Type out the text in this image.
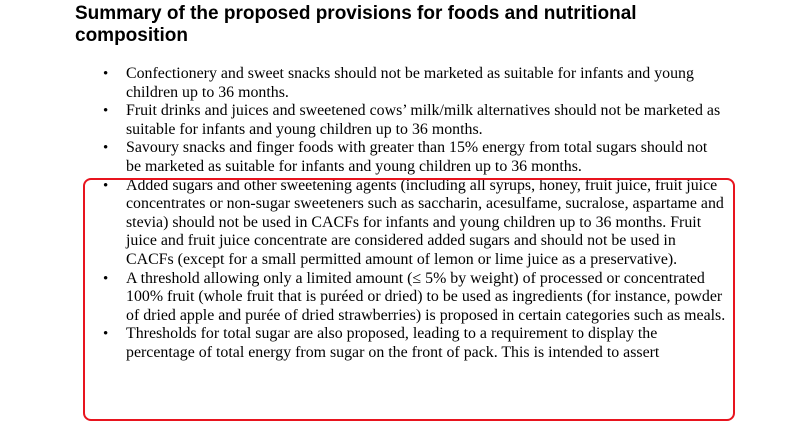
Summary of the proposed provisions for foods and nutritional composition
• Confectionery and sweet snacks should not be marketed as suitable for infants and young children up to 36 months.
• Fruit drinks and juices and sweetened cows’ milk/milk alternatives should not be marketed as suitable for infants and young children up to 36 months.
• Savoury snacks and finger foods with greater than 15% energy from total sugars should not be marketed as suitable for infants and young children up to 36 months.
• Added sugars and other sweetening agents (including all syrups, honey, fruit juice, fruit juice concentrates or non-sugar sweeteners such as saccharin, acesulfame, sucralose, aspartame and stevia) should not be used in CACFs for infants and young children up to 36 months. Fruit juice and fruit juice concentrate are considered added sugars and should not be used in CACFs (except for a small permitted amount of lemon or lime juice as a preservative).
• A threshold allowing only a limited amount (≤ 5% by weight) of processed or concentrated 100% fruit (whole fruit that is puréed or dried) to be used as ingredients (for instance, powder of dried apple and purée of dried strawberries) is proposed in certain categories such as meals.
• Thresholds for total sugar are also proposed, leading to a requirement to display the percentage of total energy from sugar on the front of pack. This is intended to assert
